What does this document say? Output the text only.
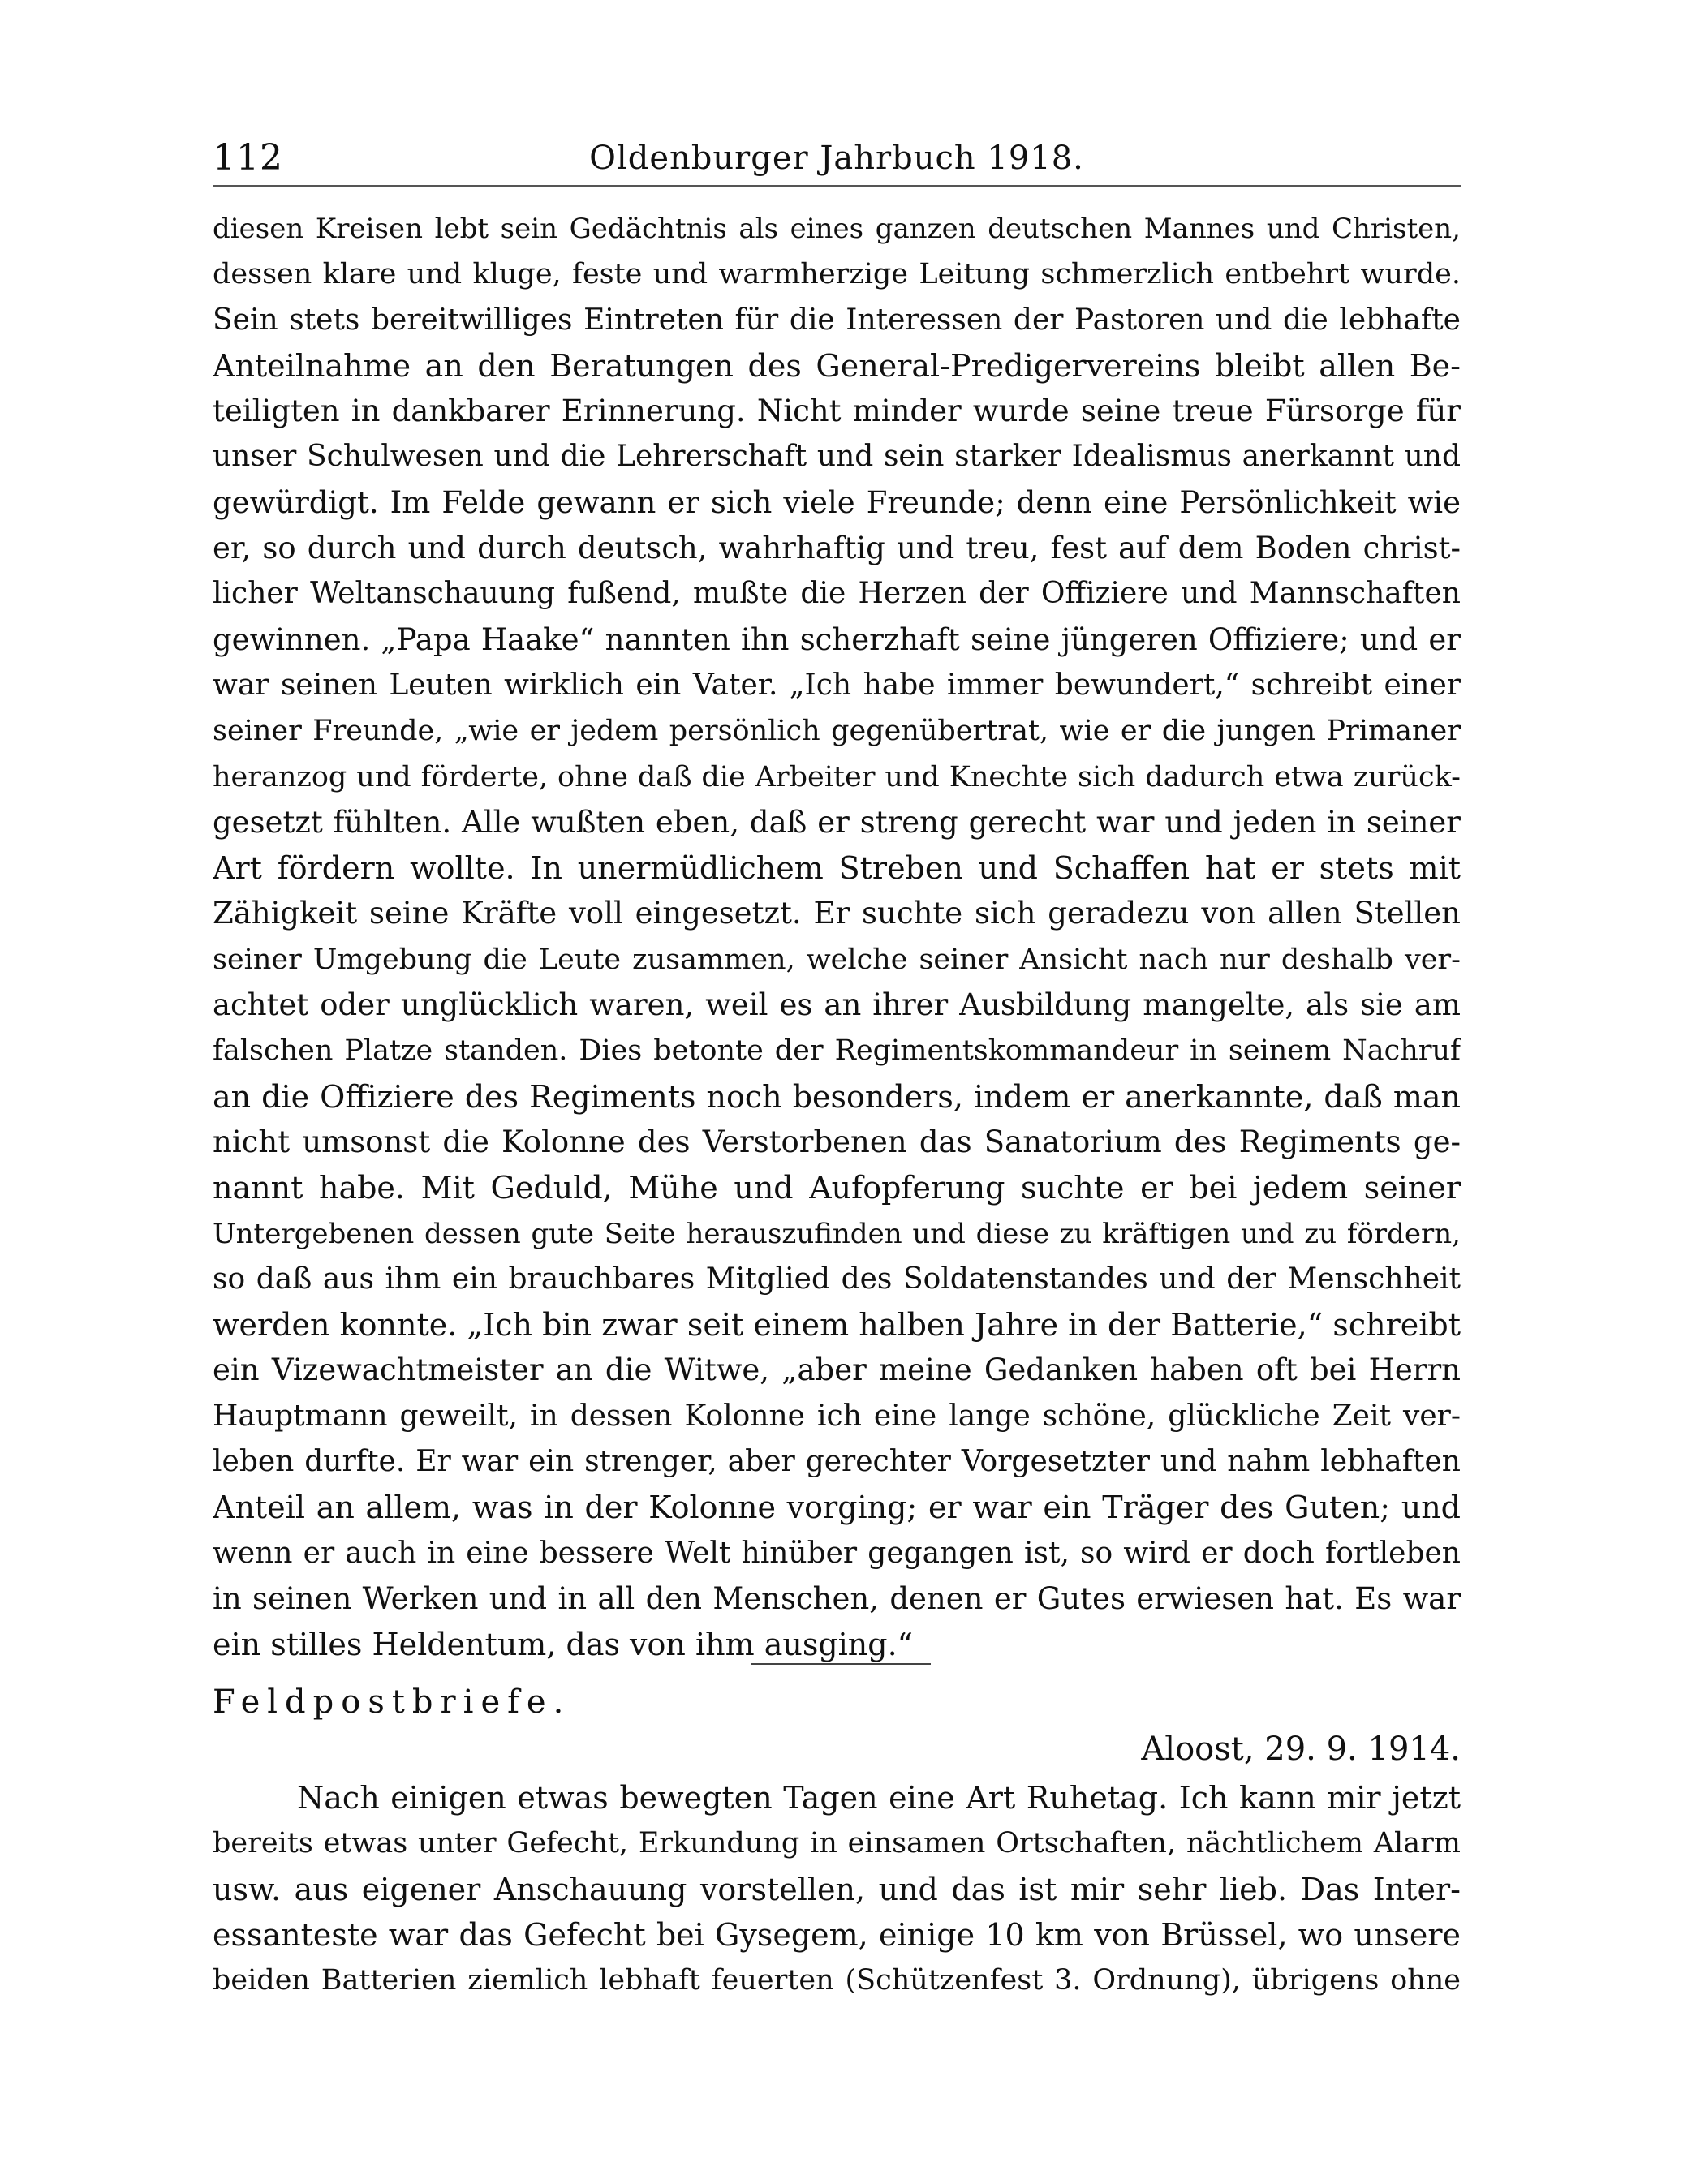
112	Oldenburger Jahrbuch 1918.
diesen Kreisen lebt sein Gedächtnis als eines ganzen deutschen Mannes und Christen,
dessen klare und kluge, feste und warmherzige Leitung schmerzlich entbehrt wurde.
Sein stets bereitwilliges Eintreten für die Interessen der Pastoren und die lebhafte
Anteilnahme an den Beratungen des General-Predigervereins bleibt allen Be-
teiligten in dankbarer Erinnerung. Nicht minder wurde seine treue Fürsorge für
unser Schulwesen und die Lehrerschaft und sein starker Idealismus anerkannt und
gewürdigt. Im Felde gewann er sich viele Freunde; denn eine Persönlichkeit wie
er, so durch und durch deutsch, wahrhaftig und treu, fest auf dem Boden christ-
licher Weltanschauung fußend, mußte die Herzen der Offiziere und Mannschaften
gewinnen. „Papa Haake“ nannten ihn scherzhaft seine jüngeren Offiziere; und er
war seinen Leuten wirklich ein Vater. „Ich habe immer bewundert,“ schreibt einer
seiner Freunde, „wie er jedem persönlich gegenübertrat, wie er die jungen Primaner
heranzog und förderte, ohne daß die Arbeiter und Knechte sich dadurch etwa zurück-
gesetzt fühlten. Alle wußten eben, daß er streng gerecht war und jeden in seiner
Art fördern wollte. In unermüdlichem Streben und Schaffen hat er stets mit
Zähigkeit seine Kräfte voll eingesetzt. Er suchte sich geradezu von allen Stellen
seiner Umgebung die Leute zusammen, welche seiner Ansicht nach nur deshalb ver-
achtet oder unglücklich waren, weil es an ihrer Ausbildung mangelte, als sie am
falschen Platze standen. Dies betonte der Regimentskommandeur in seinem Nachruf
an die Offiziere des Regiments noch besonders, indem er anerkannte, daß man
nicht umsonst die Kolonne des Verstorbenen das Sanatorium des Regiments ge-
nannt habe. Mit Geduld, Mühe und Aufopferung suchte er bei jedem seiner
Untergebenen dessen gute Seite herauszufinden und diese zu kräftigen und zu fördern,
so daß aus ihm ein brauchbares Mitglied des Soldatenstandes und der Menschheit
werden konnte. „Ich bin zwar seit einem halben Jahre in der Batterie,“ schreibt
ein Vizewachtmeister an die Witwe, „aber meine Gedanken haben oft bei Herrn
Hauptmann geweilt, in dessen Kolonne ich eine lange schöne, glückliche Zeit ver-
leben durfte. Er war ein strenger, aber gerechter Vorgesetzter und nahm lebhaften
Anteil an allem, was in der Kolonne vorging; er war ein Träger des Guten; und
wenn er auch in eine bessere Welt hinüber gegangen ist, so wird er doch fortleben
in seinen Werken und in all den Menschen, denen er Gutes erwiesen hat. Es war
ein stilles Heldentum, das von ihm ausging.“
Feldpostbriefe.
Aloost, 29. 9. 1914.
Nach einigen etwas bewegten Tagen eine Art Ruhetag. Ich kann mir jetzt
bereits etwas unter Gefecht, Erkundung in einsamen Ortschaften, nächtlichem Alarm
usw. aus eigener Anschauung vorstellen, und das ist mir sehr lieb. Das Inter-
essanteste war das Gefecht bei Gysegem, einige 10 km von Brüssel, wo unsere
beiden Batterien ziemlich lebhaft feuerten (Schützenfest 3. Ordnung), übrigens ohne
